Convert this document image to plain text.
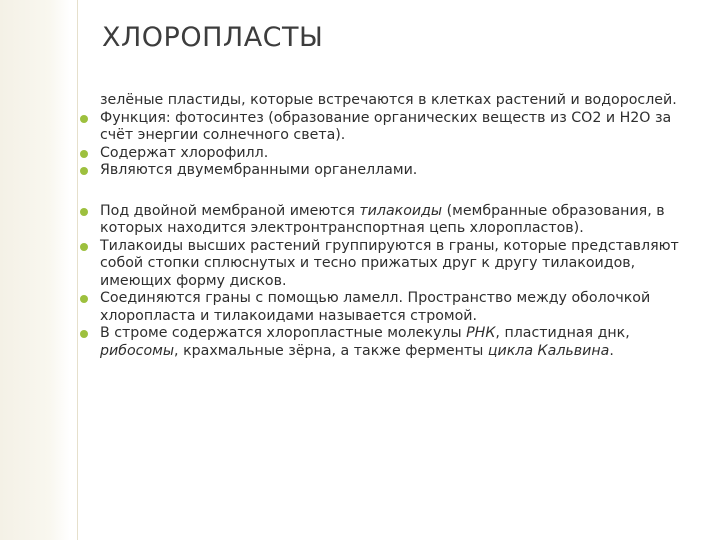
ХЛОРОПЛАСТЫ
зелёные пластиды, которые встречаются в клетках растений и водорослей.
Функция: фотосинтез (образование органических веществ из CO2 и H2O за счёт энергии солнечного света).
Содержат хлорофилл.
Являются двумембранными органеллами.
Под двойной мембраной имеются тилакоиды (мембранные образования, в которых находится электронтранспортная цепь хлоропластов).
Тилакоиды высших растений группируются в граны, которые представляют собой стопки сплюснутых и тесно прижатых друг к другу тилакоидов, имеющих форму дисков.
Соединяются граны с помощью ламелл. Пространство между оболочкой хлоропласта и тилакоидами называется стромой.
В строме содержатся хлоропластные молекулы РНК, пластидная днк, рибосомы, крахмальные зёрна, а также ферменты цикла Кальвина.
